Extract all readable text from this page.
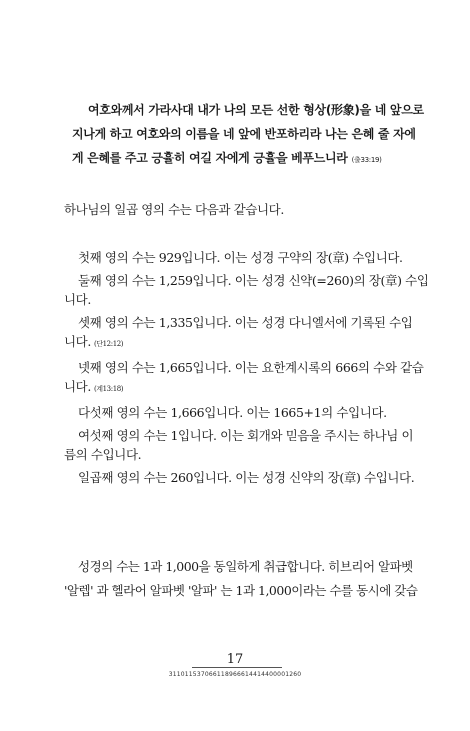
여호와께서 가라사대 내가 나의 모든 선한 형상(形象)을 네 앞으로
지나게 하고 여호와의 이름을 네 앞에 반포하리라 나는 은혜 줄 자에
게 은혜를 주고 긍휼히 여길 자에게 긍휼을 베푸느니라 (출33:19)
하나님의 일곱 영의 수는 다음과 같습니다.
첫째 영의 수는 929입니다. 이는 성경 구약의 장(章) 수입니다.
둘째 영의 수는 1,259입니다. 이는 성경 신약(=260)의 장(章) 수입
니다.
셋째 영의 수는 1,335입니다. 이는 성경 다니엘서에 기록된 수입
니다. (단12:12)
넷째 영의 수는 1,665입니다. 이는 요한계시록의 666의 수와 같습
니다. (계13:18)
다섯째 영의 수는 1,666입니다. 이는 1665+1의 수입니다.
여섯째 영의 수는 1입니다. 이는 회개와 믿음을 주시는 하나님 이
름의 수입니다.
일곱째 영의 수는 260입니다. 이는 성경 신약의 장(章) 수입니다.
성경의 수는 1과 1,000을 동일하게 취급합니다. 히브리어 알파벳
'알렙' 과 헬라어 알파벳 '알파' 는 1과 1,000이라는 수를 동시에 갖습
17
311011537066118966614414400001260
